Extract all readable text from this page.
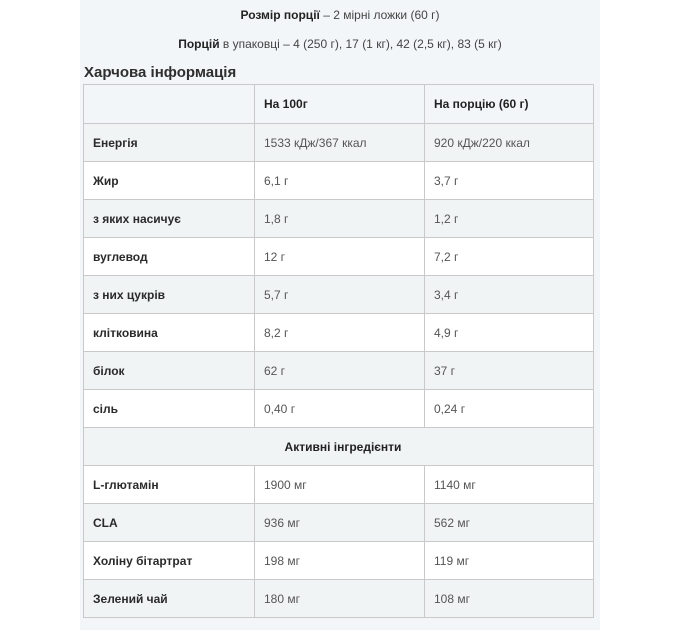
Розмір порції – 2 мірні ложки (60 г)
Порцій в упаковці – 4 (250 г), 17 (1 кг), 42 (2,5 кг), 83 (5 кг)
Харчова інформація
	На 100г	На порцію (60 г)
Енергія	1533 кДж/367 ккал	920 кДж/220 ккал
Жир	6,1 г	3,7 г
з яких насичує	1,8 г	1,2 г
вуглевод	12 г	7,2 г
з них цукрів	5,7 г	3,4 г
клітковина	8,2 г	4,9 г
білок	62 г	37 г
сіль	0,40 г	0,24 г
Активні інгредієнти		
L-глютамін	1900 мг	1140 мг
CLA	936 мг	562 мг
Холіну бітартрат	198 мг	119 мг
Зелений чай	180 мг	108 мг
